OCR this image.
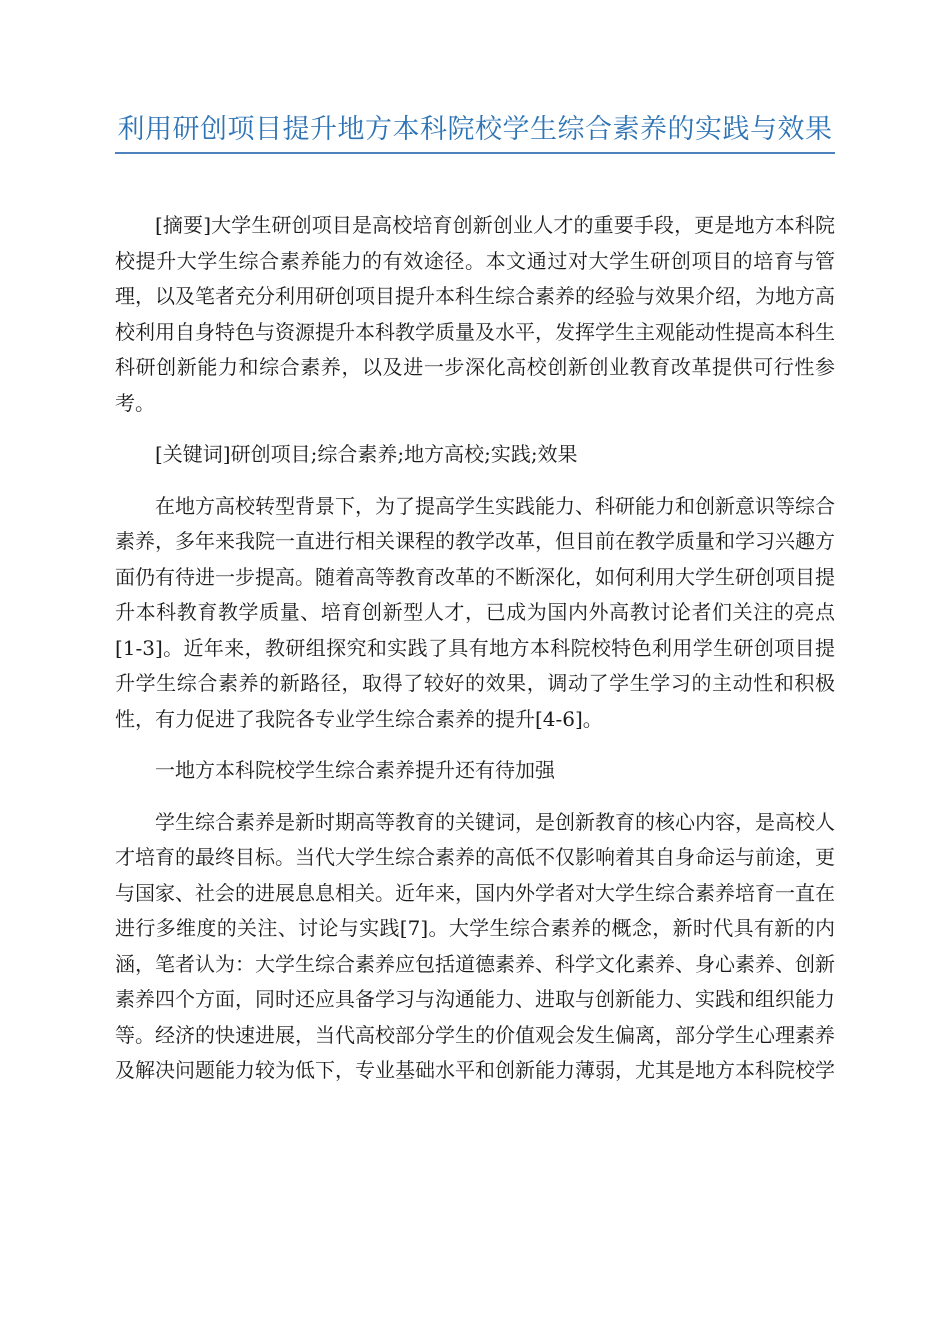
利用研创项目提升地方本科院校学生综合素养的实践与效果

[摘要]大学生研创项目是高校培育创新创业人才的重要手段，更是地方本科院校提升大学生综合素养能力的有效途径。本文通过对大学生研创项目的培育与管理，以及笔者充分利用研创项目提升本科生综合素养的经验与效果介绍，为地方高校利用自身特色与资源提升本科教学质量及水平，发挥学生主观能动性提高本科生科研创新能力和综合素养，以及进一步深化高校创新创业教育改革提供可行性参考。

[关键词]研创项目;综合素养;地方高校;实践;效果

在地方高校转型背景下，为了提高学生实践能力、科研能力和创新意识等综合素养，多年来我院一直进行相关课程的教学改革，但目前在教学质量和学习兴趣方面仍有待进一步提高。随着高等教育改革的不断深化，如何利用大学生研创项目提升本科教育教学质量、培育创新型人才，已成为国内外高教讨论者们关注的亮点[1-3]。近年来，教研组探究和实践了具有地方本科院校特色利用学生研创项目提升学生综合素养的新路径，取得了较好的效果，调动了学生学习的主动性和积极性，有力促进了我院各专业学生综合素养的提升[4-6]。

一地方本科院校学生综合素养提升还有待加强

学生综合素养是新时期高等教育的关键词，是创新教育的核心内容，是高校人才培育的最终目标。当代大学生综合素养的高低不仅影响着其自身命运与前途，更与国家、社会的进展息息相关。近年来，国内外学者对大学生综合素养培育一直在进行多维度的关注、讨论与实践[7]。大学生综合素养的概念，新时代具有新的内涵，笔者认为：大学生综合素养应包括道德素养、科学文化素养、身心素养、创新素养四个方面，同时还应具备学习与沟通能力、进取与创新能力、实践和组织能力等。经济的快速进展，当代高校部分学生的价值观会发生偏离，部分学生心理素养及解决问题能力较为低下，专业基础水平和创新能力薄弱，尤其是地方本科院校学
